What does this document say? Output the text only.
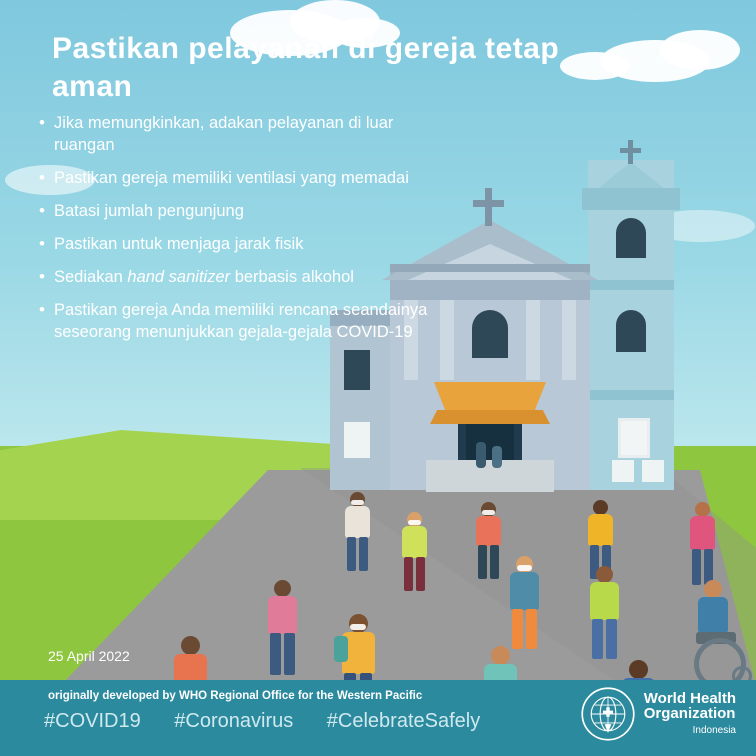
Pastikan pelayanan di gereja tetap aman
• Jika memungkinkan, adakan pelayanan di luar ruangan
• Pastikan gereja memiliki ventilasi yang memadai
• Batasi jumlah pengunjung
• Pastikan untuk menjaga jarak fisik
• Sediakan hand sanitizer berbasis alkohol
• Pastikan gereja Anda memiliki rencana seandainya seseorang menunjukkan gejala-gejala COVID-19
25 April 2022
originally developed by WHO Regional Office for the Western Pacific
#COVID19 #Coronavirus #CelebrateSafely
World Health
Organization
Indonesia
